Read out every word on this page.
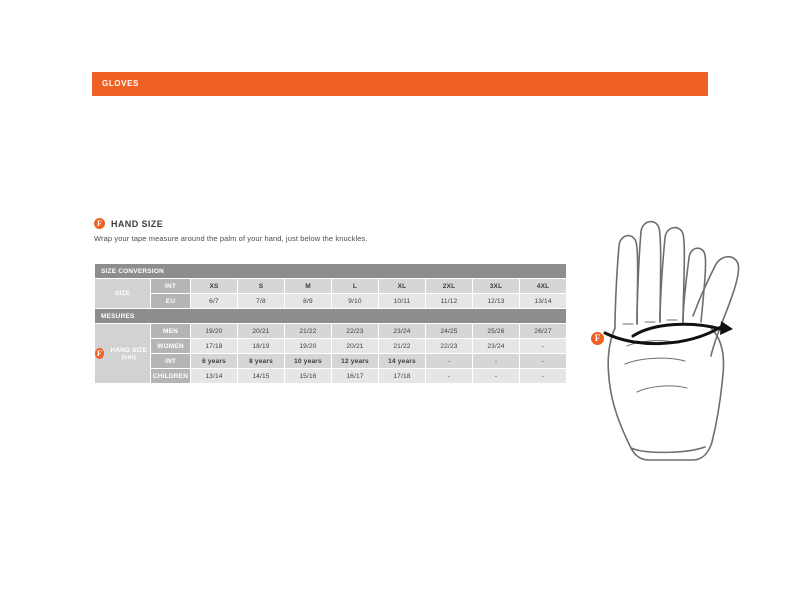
GLOVES
F	HAND SIZE
Wrap your tape measure around the palm of your hand, just below the knuckles.
SIZE CONVERSION									
SIZE	INT	XS	S	M	L	XL	2XL	3XL	4XL
	EU	6/7	7/8	8/9	9/10	10/11	11/12	12/13	13/14
MESURES									

F HAND SIZE (cm)	MEN	19/20	20/21	21/22	22/23	23/24	24/25	25/26	26/27
	WOMEN	17/18	18/19	19/20	20/21	21/22	22/23	23/24	-
	INT	6 years	8 years	10 years	12 years	14 years	-	-	-
	CHILDREN	13/14	14/15	15/16	16/17	17/18	-	-	-
F
